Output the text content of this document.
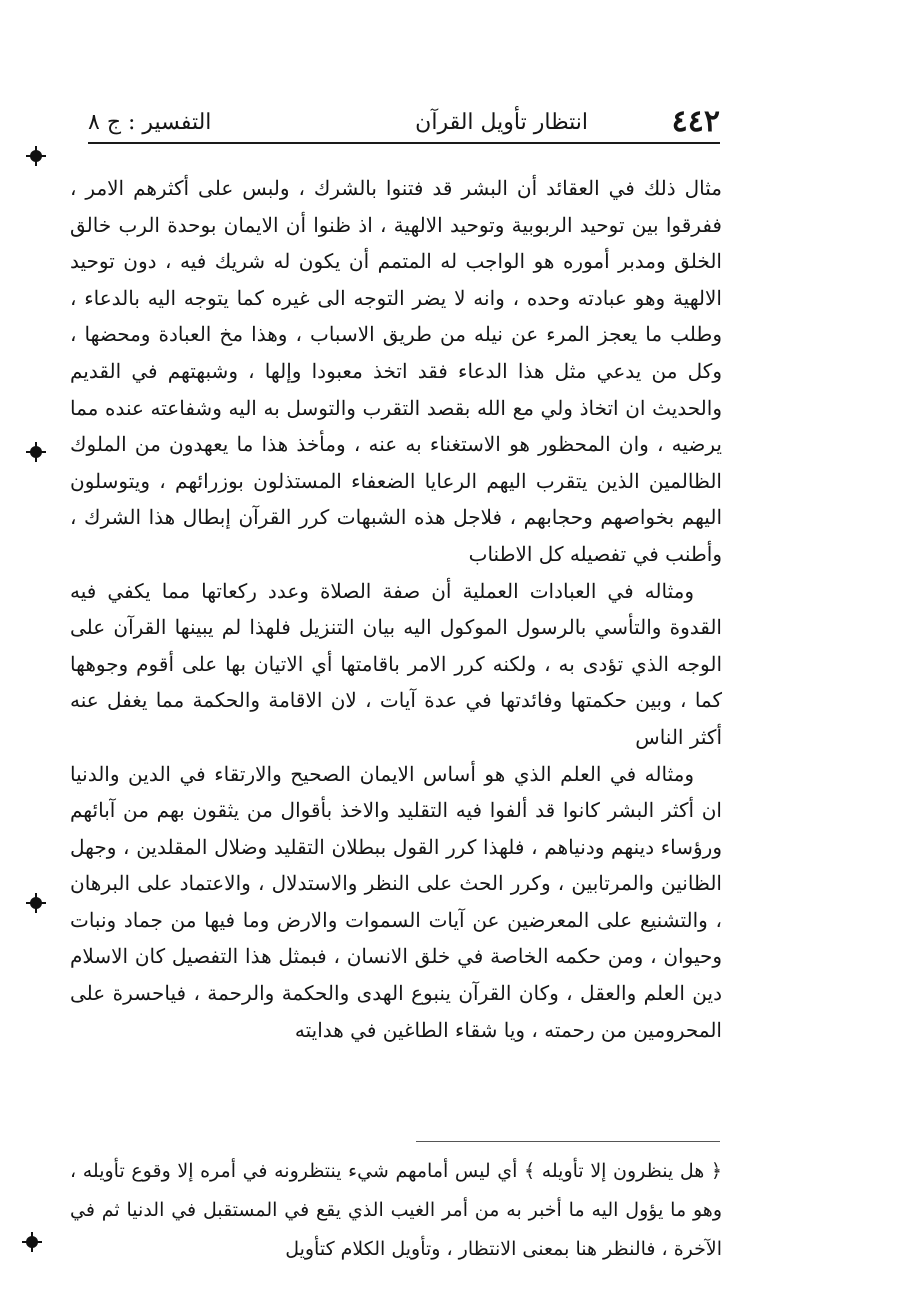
٤٤٢
انتظار تأويل القرآن
التفسير : ج ٨

مثال ذلك في العقائد أن البشر قد فتنوا بالشرك ، ولبس على أكثرهم الامر ، ففرقوا بين توحيد الربوبية وتوحيد الالهية ، اذ ظنوا أن الايمان بوحدة الرب خالق الخلق ومدبر أموره هو الواجب له المتمم أن يكون له شريك فيه ، دون توحيد الالهية وهو عبادته وحده ، وانه لا يضر التوجه الى غيره كما يتوجه اليه بالدعاء ، وطلب ما يعجز المرء عن نيله من طريق الاسباب ، وهذا مخ العبادة ومحضها ، وكل من يدعي مثل هذا الدعاء فقد اتخذ معبودا وإلها ، وشبهتهم في القديم والحديث ان اتخاذ ولي مع الله بقصد التقرب والتوسل به اليه وشفاعته عنده مما يرضيه ، وان المحظور هو الاستغناء به عنه ، ومأخذ هذا ما يعهدون من الملوك الظالمين الذين يتقرب اليهم الرعايا الضعفاء المستذلون بوزرائهم ، ويتوسلون اليهم بخواصهم وحجابهم ، فلاجل هذه الشبهات كرر القرآن إبطال هذا الشرك ، وأطنب في تفصيله كل الاطناب

ومثاله في العبادات العملية أن صفة الصلاة وعدد ركعاتها مما يكفي فيه القدوة والتأسي بالرسول الموكول اليه بيان التنزيل فلهذا لم يبينها القرآن على الوجه الذي تؤدى به ، ولكنه كرر الامر باقامتها أي الاتيان بها على أقوم وجوهها كما ، وبين حكمتها وفائدتها في عدة آيات ، لان الاقامة والحكمة مما يغفل عنه أكثر الناس

ومثاله في العلم الذي هو أساس الايمان الصحيح والارتقاء في الدين والدنيا ان أكثر البشر كانوا قد ألفوا فيه التقليد والاخذ بأقوال من يثقون بهم من آبائهم ورؤساء دينهم ودنياهم ، فلهذا كرر القول ببطلان التقليد وضلال المقلدين ، وجهل الظانين والمرتابين ، وكرر الحث على النظر والاستدلال ، والاعتماد على البرهان ، والتشنيع على المعرضين عن آيات السموات والارض وما فيها من جماد ونبات وحيوان ، ومن حكمه الخاصة في خلق الانسان ، فبمثل هذا التفصيل كان الاسلام دين العلم والعقل ، وكان القرآن ينبوع الهدى والحكمة والرحمة ، فياحسرة على المحرومين من رحمته ، ويا شقاء الطاغين في هدايته

﴿ هل ينظرون إلا تأويله ﴾ أي ليس أمامهم شيء ينتظرونه في أمره إلا وقوع تأويله ، وهو ما يؤول اليه ما أخبر به من أمر الغيب الذي يقع في المستقبل في الدنيا ثم في الآخرة ، فالنظر هنا بمعنى الانتظار ، وتأويل الكلام كتأويل
